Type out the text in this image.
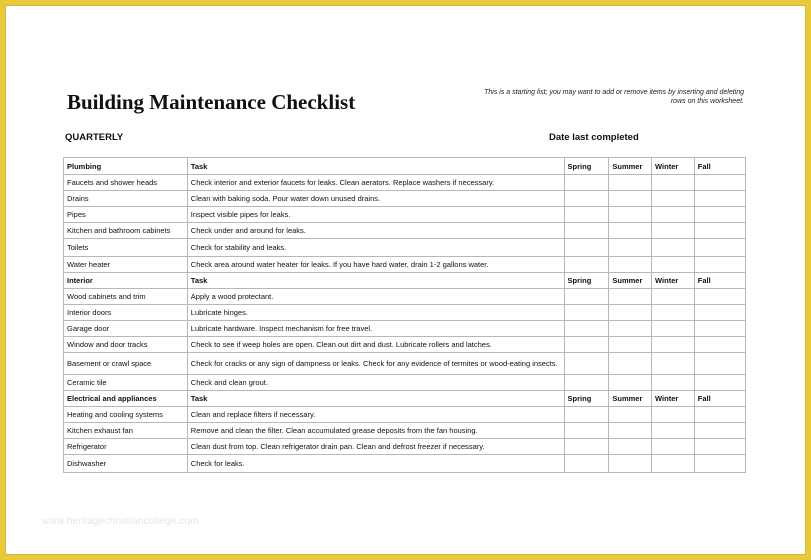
Building Maintenance Checklist	This is a starting list; you may want to add or remove items by inserting and deleting rows on this worksheet.
QUARTERLY	Date last completed
Plumbing	Task	Spring	Summer	Winter	Fall
Faucets and shower heads	Check interior and exterior faucets for leaks. Clean aerators. Replace washers if necessary.				
Drains	Clean with baking soda. Pour water down unused drains.				
Pipes	Inspect visible pipes for leaks.				
Kitchen and bathroom cabinets	Check under and around for leaks.				
Toilets	Check for stability and leaks.				
Water heater	Check area around water heater for leaks. If you have hard water, drain 1-2 gallons water.				
Interior	Task	Spring	Summer	Winter	Fall
Wood cabinets and trim	Apply a wood protectant.				
Interior doors	Lubricate hinges.				
Garage door	Lubricate hardware. Inspect mechanism for free travel.				
Window and door tracks	Check to see if weep holes are open. Clean out dirt and dust. Lubricate rollers and latches.				
Basement or crawl space	Check for cracks or any sign of dampness or leaks. Check for any evidence of termites or wood-eating insects.				
Ceramic tile	Check and clean grout.				
Electrical and appliances	Task	Spring	Summer	Winter	Fall
Heating and cooling systems	Clean and replace filters if necessary.				
Kitchen exhaust fan	Remove and clean the filter. Clean accumulated grease deposits from the fan housing.				
Refrigerator	Clean dust from top. Clean refrigerator drain pan. Clean and defrost freezer if necessary.				
Dishwasher	Check for leaks.				
www.heritagechristiancollege.com
